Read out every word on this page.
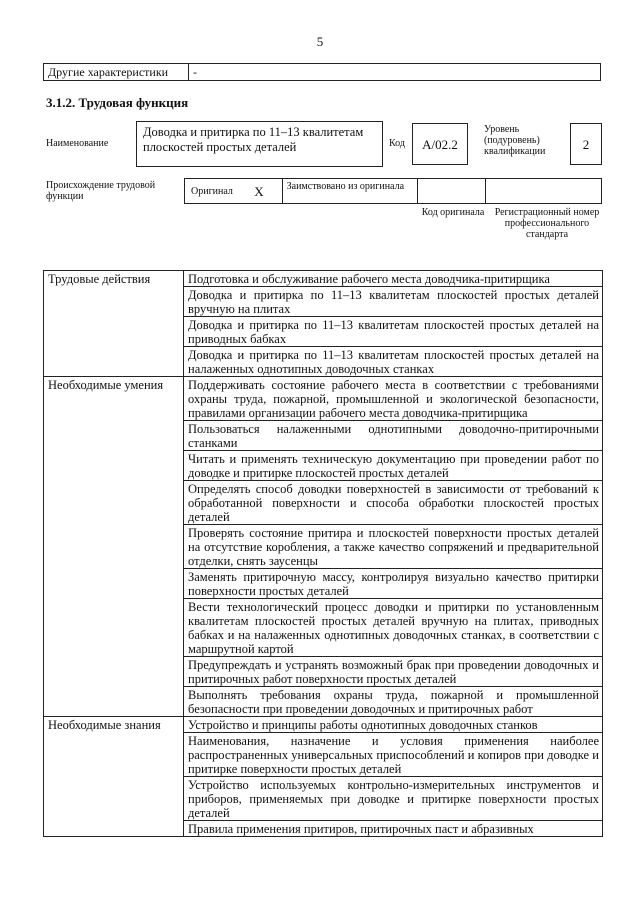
5
Другие характеристики	-
3.1.2. Трудовая функция
Наименование
Доводка и притирка по 11–13 квалитетам плоскостей простых деталей	Код	А/02.2
Уровень (подуровень) квалификации	2
Происхождение трудовой функции	Оригинал X	Заимствовано из оригинала
Код оригинала Регистрационный номер профессионального стандарта
Трудовые действия	Подготовка и обслуживание рабочего места доводчика-притирщика
	Доводка и притирка по 11–13 квалитетам плоскостей простых деталей вручную на плитах
	Доводка и притирка по 11–13 квалитетам плоскостей простых деталей на приводных бабках
	Доводка и притирка по 11–13 квалитетам плоскостей простых деталей на налаженных однотипных доводочных станках
Необходимые умения	Поддерживать состояние рабочего места в соответствии с требованиями охраны труда, пожарной, промышленной и экологической безопасности, правилами организации рабочего места доводчика-притирщика
	Пользоваться налаженными однотипными доводочно-притирочными станками
	Читать и применять техническую документацию при проведении работ по доводке и притирке плоскостей простых деталей
	Определять способ доводки поверхностей в зависимости от требований к обработанной поверхности и способа обработки плоскостей простых деталей
	Проверять состояние притира и плоскостей поверхности простых деталей на отсутствие коробления, а также качество сопряжений и предварительной отделки, снять заусенцы
	Заменять притирочную массу, контролируя визуально качество притирки поверхности простых деталей
	Вести технологический процесс доводки и притирки по установленным квалитетам плоскостей простых деталей вручную на плитах, приводных бабках и на налаженных однотипных доводочных станках, в соответствии с маршрутной картой
	Предупреждать и устранять возможный брак при проведении доводочных и притирочных работ поверхности простых деталей
	Выполнять требования охраны труда, пожарной и промышленной безопасности при проведении доводочных и притирочных работ
Необходимые знания	Устройство и принципы работы однотипных доводочных станков
	Наименования, назначение и условия применения наиболее распространенных универсальных приспособлений и копиров при доводке и притирке поверхности простых деталей
	Устройство используемых контрольно-измерительных инструментов и приборов, применяемых при доводке и притирке поверхности простых деталей
	Правила применения притиров, притирочных паст и абразивных
